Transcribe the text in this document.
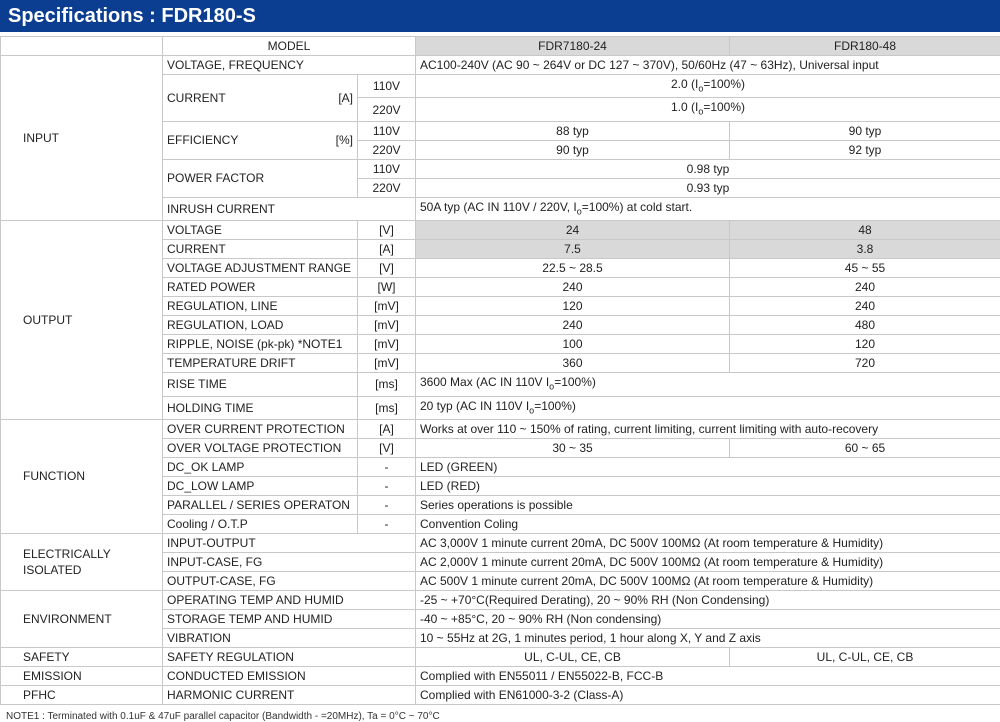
Specifications : FDR180-S
	MODEL		FDR7180-24	FDR180-48
INPUT	VOLTAGE, FREQUENCY		AC100-240V (AC 90 ~ 264V or DC 127 ~ 370V), 50/60Hz (47 ~ 63Hz), Universal input	
	CURRENT [A]	110V	2.0 $(I_o=100\%)$	
		220V	1.0 $(I_o=100\%)$	
	EFFICIENCY [%]	110V	88 typ	90 typ
		220V	90 typ	92 typ
	POWER FACTOR	110V	0.98 typ	
		220V	0.93 typ	
	INRUSH CURRENT		50A typ (AC IN 110V / 220V, $I_o=100\%$) at cold start.	
OUTPUT	VOLTAGE	[V]	24	48
	CURRENT	[A]	7.5	3.8
	VOLTAGE ADJUSTMENT RANGE	[V]	22.5 ~ 28.5	45 ~ 55
	RATED POWER	[W]	240	240
	REGULATION, LINE	[mV]	120	240
	REGULATION, LOAD	[mV]	240	480
	RIPPLE, NOISE (pk-pk) *NOTE1	[mV]	100	120
	TEMPERATURE DRIFT	[mV]	360	720
	RISE TIME	[ms]	3600 Max (AC IN 110V $I_o=100\%$)	
	HOLDING TIME	[ms]	20 typ (AC IN 110V $I_o=100\%$)	
FUNCTION	OVER CURRENT PROTECTION	[A]	Works at over 110 ~ 150% of rating, current limiting, current limiting with auto-recovery	
	OVER VOLTAGE PROTECTION	[V]	30 ~ 35	60 ~ 65
	DC_OK LAMP	-	LED (GREEN)	
	DC_LOW LAMP	-	LED (RED)	
	PARALLEL / SERIES OPERATON	-	Series operations is possible	
	Cooling / O.T.P	-	Convention Coling	
ELECTRICALLY
ISOLATED	INPUT-OUTPUT		AC 3,000V 1 minute current 20mA, DC 500V 100MΩ (At room temperature & Humidity)	
	INPUT-CASE, FG		AC 2,000V 1 minute current 20mA, DC 500V 100MΩ (At room temperature & Humidity)	
	OUTPUT-CASE, FG		AC 500V 1 minute current 20mA, DC 500V 100MΩ (At room temperature & Humidity)	
ENVIRONMENT	OPERATING TEMP AND HUMID		-25 ~ +70°C(Required Derating), 20 ~ 90% RH (Non Condensing)	
	STORAGE TEMP AND HUMID		-40 ~ +85°C, 20 ~ 90% RH (Non condensing)	
	VIBRATION		10 ~ 55Hz at 2G, 1 minutes period, 1 hour along X, Y and Z axis	
SAFETY	SAFETY REGULATION		UL, C-UL, CE, CB	UL, C-UL, CE, CB
EMISSION	CONDUCTED EMISSION		Complied with EN55011 / EN55022-B, FCC-B	
PFHC	HARMONIC CURRENT		Complied with EN61000-3-2 (Class-A)	
NOTE1 : Terminated with 0.1uF & 47uF parallel capacitor (Bandwidth - =20MHz), Ta = 0°C ~ 70°C
